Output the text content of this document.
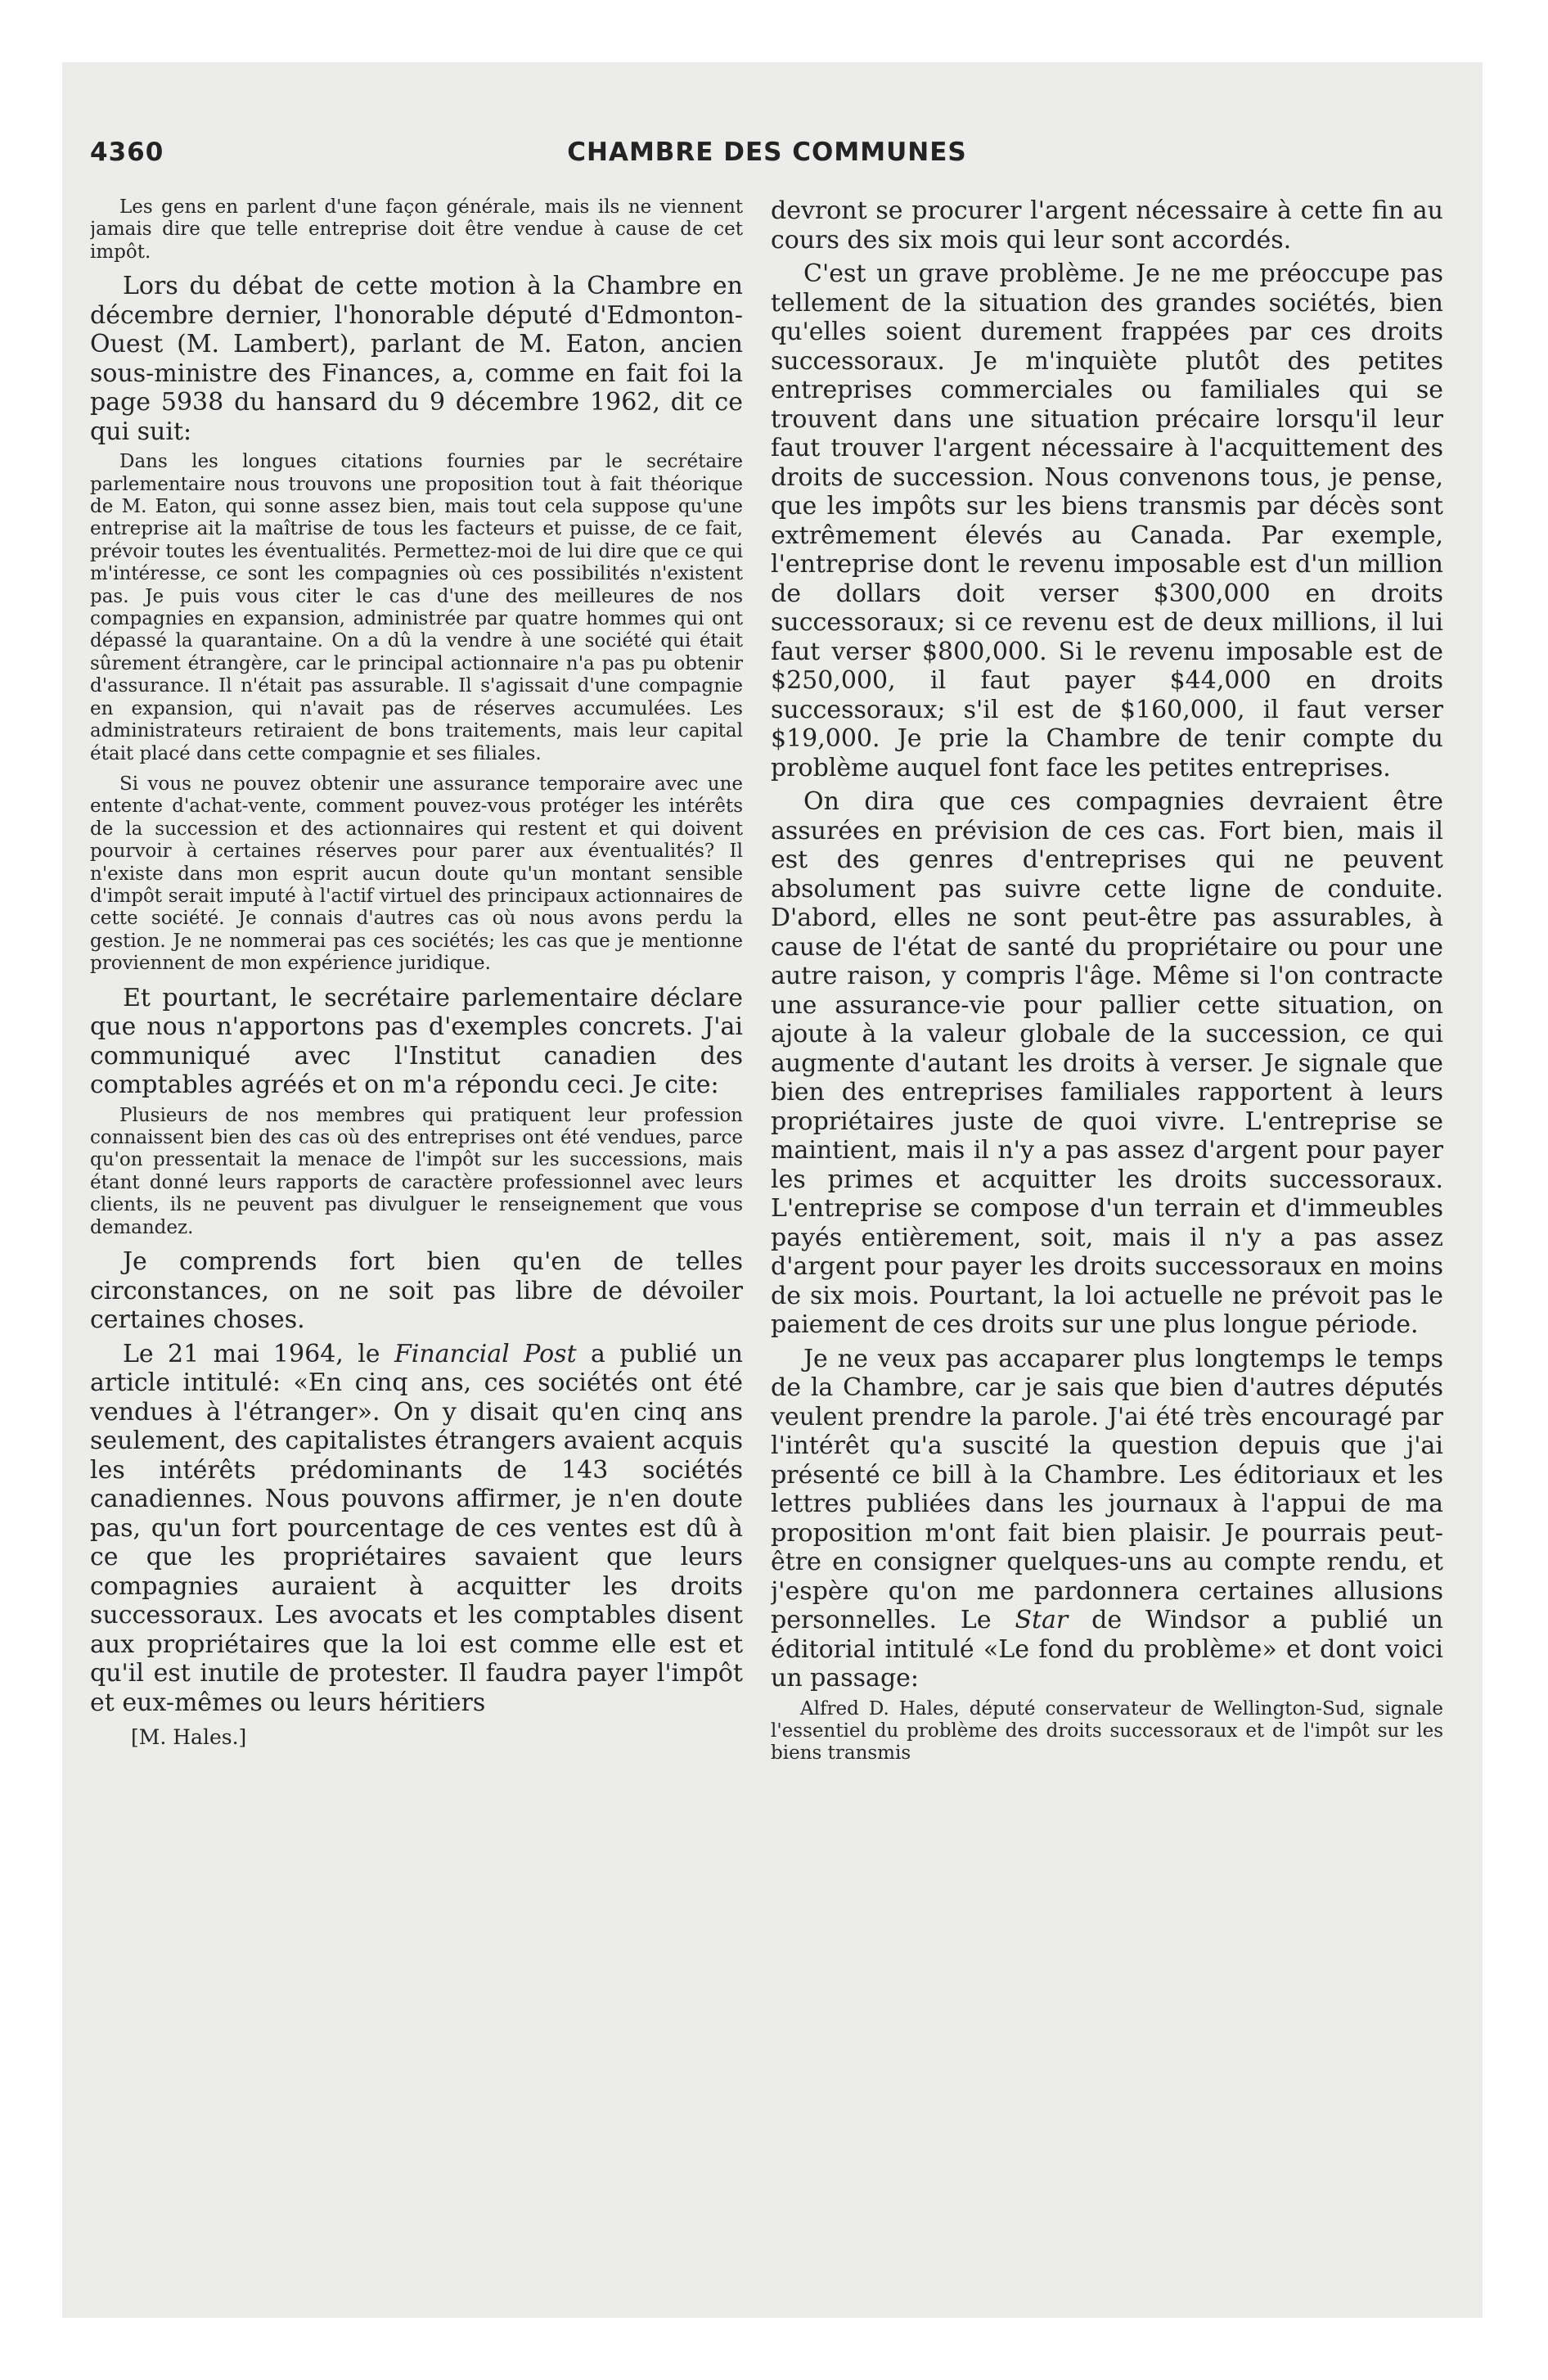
CHAMBRE DES COMMUNES
4360

Les gens en parlent d'une façon générale, mais ils ne viennent jamais dire que telle entreprise doit être vendue à cause de cet impôt.

Lors du débat de cette motion à la Chambre en décembre dernier, l'honorable député d'Edmonton-Ouest (M. Lambert), parlant de M. Eaton, ancien sous-ministre des Finances, a, comme en fait foi la page 5938 du hansard du 9 décembre 1962, dit ce qui suit:

Dans les longues citations fournies par le secrétaire parlementaire nous trouvons une proposition tout à fait théorique de M. Eaton, qui sonne assez bien, mais tout cela suppose qu'une entreprise ait la maîtrise de tous les facteurs et puisse, de ce fait, prévoir toutes les éventualités. Permettez-moi de lui dire que ce qui m'intéresse, ce sont les compagnies où ces possibilités n'existent pas. Je puis vous citer le cas d'une des meilleures de nos compagnies en expansion, administrée par quatre hommes qui ont dépassé la quarantaine. On a dû la vendre à une société qui était sûrement étrangère, car le principal actionnaire n'a pas pu obtenir d'assurance. Il n'était pas assurable. Il s'agissait d'une compagnie en expansion, qui n'avait pas de réserves accumulées. Les administrateurs retiraient de bons traitements, mais leur capital était placé dans cette compagnie et ses filiales.

Si vous ne pouvez obtenir une assurance temporaire avec une entente d'achat-vente, comment pouvez-vous protéger les intérêts de la succession et des actionnaires qui restent et qui doivent pourvoir à certaines réserves pour parer aux éventualités? Il n'existe dans mon esprit aucun doute qu'un montant sensible d'impôt serait imputé à l'actif virtuel des principaux actionnaires de cette société. Je connais d'autres cas où nous avons perdu la gestion. Je ne nommerai pas ces sociétés; les cas que je mentionne proviennent de mon expérience juridique.

Et pourtant, le secrétaire parlementaire déclare que nous n'apportons pas d'exemples concrets. J'ai communiqué avec l'Institut canadien des comptables agréés et on m'a répondu ceci. Je cite:

Plusieurs de nos membres qui pratiquent leur profession connaissent bien des cas où des entreprises ont été vendues, parce qu'on pressentait la menace de l'impôt sur les successions, mais étant donné leurs rapports de caractère professionnel avec leurs clients, ils ne peuvent pas divulguer le renseignement que vous demandez.

Je comprends fort bien qu'en de telles circonstances, on ne soit pas libre de dévoiler certaines choses.

Le 21 mai 1964, le Financial Post a publié un article intitulé: «En cinq ans, ces sociétés ont été vendues à l'étranger». On y disait qu'en cinq ans seulement, des capitalistes étrangers avaient acquis les intérêts prédominants de 143 sociétés canadiennes. Nous pouvons affirmer, je n'en doute pas, qu'un fort pourcentage de ces ventes est dû à ce que les propriétaires savaient que leurs compagnies auraient à acquitter les droits successoraux. Les avocats et les comptables disent aux propriétaires que la loi est comme elle est et qu'il est inutile de protester. Il faudra payer l'impôt et eux-mêmes ou leurs héritiers

[M. Hales.]

devront se procurer l'argent nécessaire à cette fin au cours des six mois qui leur sont accordés.

C'est un grave problème. Je ne me préoccupe pas tellement de la situation des grandes sociétés, bien qu'elles soient durement frappées par ces droits successoraux. Je m'inquiète plutôt des petites entreprises commerciales ou familiales qui se trouvent dans une situation précaire lorsqu'il leur faut trouver l'argent nécessaire à l'acquittement des droits de succession. Nous convenons tous, je pense, que les impôts sur les biens transmis par décès sont extrêmement élevés au Canada. Par exemple, l'entreprise dont le revenu imposable est d'un million de dollars doit verser $300,000 en droits successoraux; si ce revenu est de deux millions, il lui faut verser $800,000. Si le revenu imposable est de $250,000, il faut payer $44,000 en droits successoraux; s'il est de $160,000, il faut verser $19,000. Je prie la Chambre de tenir compte du problème auquel font face les petites entreprises.

On dira que ces compagnies devraient être assurées en prévision de ces cas. Fort bien, mais il est des genres d'entreprises qui ne peuvent absolument pas suivre cette ligne de conduite. D'abord, elles ne sont peut-être pas assurables, à cause de l'état de santé du propriétaire ou pour une autre raison, y compris l'âge. Même si l'on contracte une assurance-vie pour pallier cette situation, on ajoute à la valeur globale de la succession, ce qui augmente d'autant les droits à verser. Je signale que bien des entreprises familiales rapportent à leurs propriétaires juste de quoi vivre. L'entreprise se maintient, mais il n'y a pas assez d'argent pour payer les primes et acquitter les droits successoraux. L'entreprise se compose d'un terrain et d'immeubles payés entièrement, soit, mais il n'y a pas assez d'argent pour payer les droits successoraux en moins de six mois. Pourtant, la loi actuelle ne prévoit pas le paiement de ces droits sur une plus longue période.

Je ne veux pas accaparer plus longtemps le temps de la Chambre, car je sais que bien d'autres députés veulent prendre la parole. J'ai été très encouragé par l'intérêt qu'a suscité la question depuis que j'ai présenté ce bill à la Chambre. Les éditoriaux et les lettres publiées dans les journaux à l'appui de ma proposition m'ont fait bien plaisir. Je pourrais peut-être en consigner quelques-uns au compte rendu, et j'espère qu'on me pardonnera certaines allusions personnelles. Le Star de Windsor a publié un éditorial intitulé «Le fond du problème» et dont voici un passage:

Alfred D. Hales, député conservateur de Wellington-Sud, signale l'essentiel du problème des droits successoraux et de l'impôt sur les biens transmis
